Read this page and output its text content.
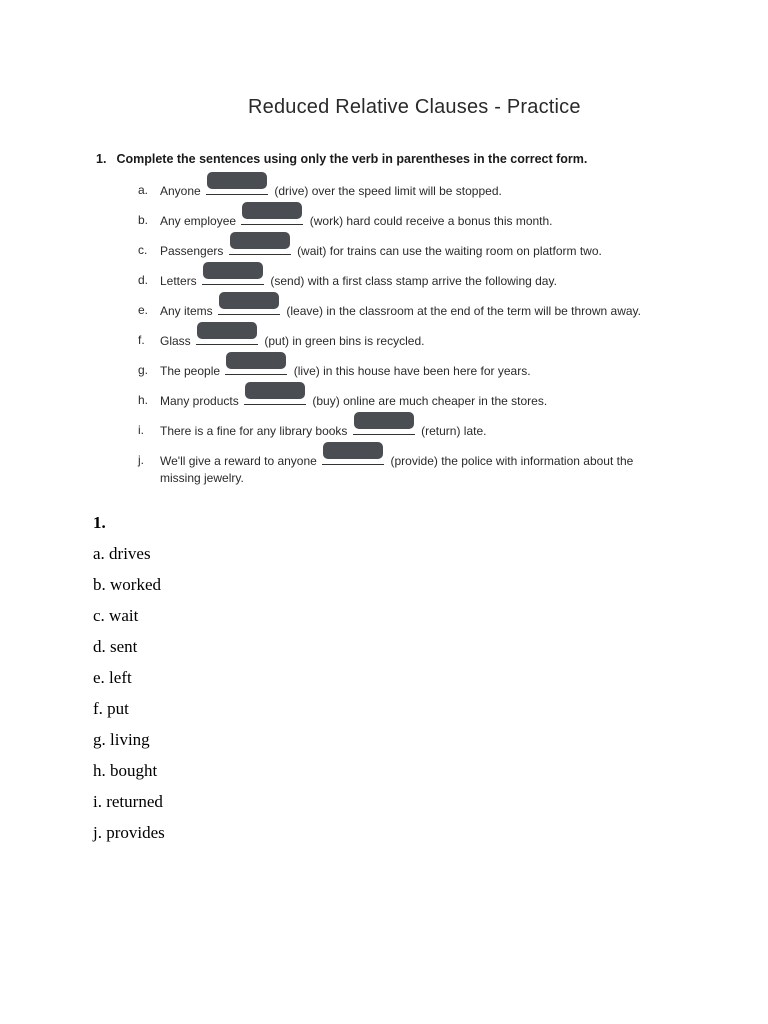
Reduced Relative Clauses - Practice
1. Complete the sentences using only the verb in parentheses in the correct form.
a. Anyone	(drive) over the speed limit will be stopped.
b. Any employee	(work) hard could receive a bonus this month.
c. Passengers	(wait) for trains can use the waiting room on platform two.
d. Letters	(send) with a first class stamp arrive the following day.
e. Any items	(leave) in the classroom at the end of the term will be thrown away.
f. Glass	(put) in green bins is recycled.
g. The people	(live) in this house have been here for years.
h. Many products	(buy) online are much cheaper in the stores.
i. There is a fine for any library books	(return) late.
j. We'll give a reward to anyone	(provide) the police with information about the missing jewelry.
1.
a. drives
b. worked
c. wait
d. sent
e. left
f. put
g. living
h. bought
i. returned
j. provides
